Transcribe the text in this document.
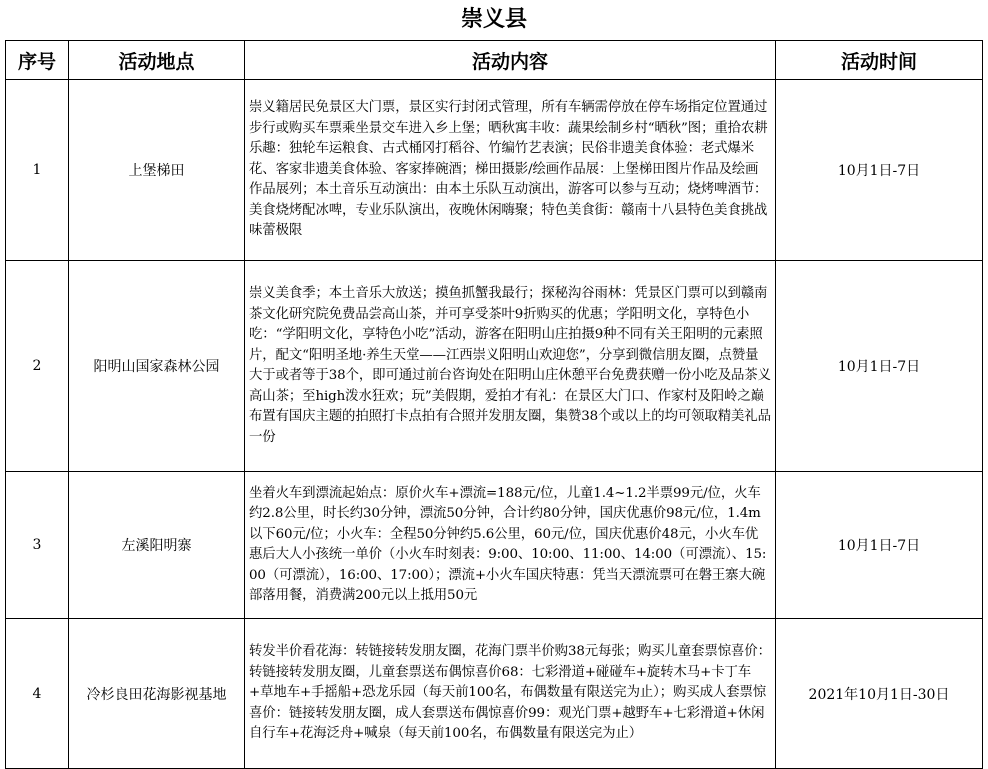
崇义县
序号	活动地点	活动内容	活动时间
1	上堡梯田	崇义籍居民免景区大门票，景区实行封闭式管理，所有车辆需停放在停车场指定位置通过步行或购买车票乘坐景交车进入乡上堡；晒秋寓丰收：蔬果绘制乡村“晒秋”图；重拾农耕乐趣：独轮车运粮食、古式桶冈打稻谷、竹编竹艺表演；民俗非遗美食体验：老式爆米花、客家非遗美食体验、客家捧碗酒；梯田摄影/绘画作品展：上堡梯田图片作品及绘画作品展列；本土音乐互动演出：由本土乐队互动演出，游客可以参与互动；烧烤啤酒节：美食烧烤配冰啤，专业乐队演出，夜晚休闲嗨聚；特色美食街：赣南十八县特色美食挑战味蕾极限	10月1日-7日
2	阳明山国家森林公园	崇义美食季；本土音乐大放送；摸鱼抓蟹我最行；探秘沟谷雨林：凭景区门票可以到赣南茶文化研究院免费品尝高山茶，并可享受茶叶9折购买的优惠；学阳明文化，享特色小吃：“学阳明文化，享特色小吃”活动，游客在阳明山庄拍摄9种不同有关王阳明的元素照片，配文“阳明圣地·养生天堂——江西崇义阳明山欢迎您”，分享到微信朋友圈，点赞量大于或者等于38个，即可通过前台咨询处在阳明山庄休憩平台免费获赠一份小吃及品茶义高山茶；至high泼水狂欢；玩”美假期，爱拍才有礼：在景区大门口、作家村及阳岭之巅布置有国庆主题的拍照打卡点拍有合照并发朋友圈，集赞38个或以上的均可领取精美礼品一份	10月1日-7日
3	左溪阳明寨	坐着火车到漂流起始点：原价火车+漂流=188元/位，儿童1.4~1.2半票99元/位，火车约2.8公里，时长约30分钟，漂流50分钟，合计约80分钟，国庆优惠价98元/位，1.4m以下60元/位；小火车：全程50分钟约5.6公里，60元/位，国庆优惠价48元，小火车优惠后大人小孩统一单价（小火车时刻表：9:00、10:00、11:00、14:00（可漂流）、15:00（可漂流），16:00、17:00）；漂流+小火车国庆特惠：凭当天漂流票可在磐王寨大碗部落用餐，消费满200元以上抵用50元	10月1日-7日
4	冷杉良田花海影视基地	转发半价看花海：转链接转发朋友圈，花海门票半价购38元每张；购买儿童套票惊喜价：转链接转发朋友圈，儿童套票送布偶惊喜价68：七彩滑道+碰碰车+旋转木马+卡丁车+草地车+手摇船+恐龙乐园（每天前100名，布偶数量有限送完为止）；购买成人套票惊喜价：链接转发朋友圈，成人套票送布偶惊喜价99：观光门票+越野车+七彩滑道+休闲自行车+花海泛舟+喊泉（每天前100名，布偶数量有限送完为止）	2021年10月1日-30日
